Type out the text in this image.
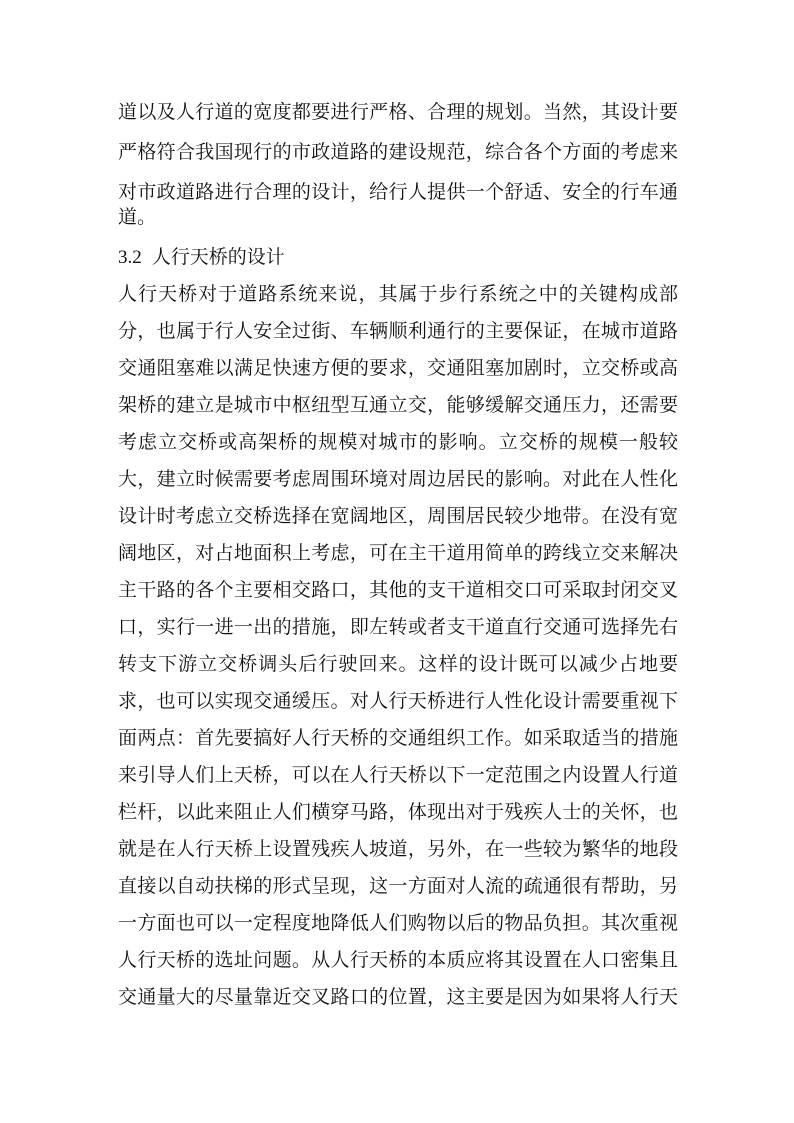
道以及人行道的宽度都要进行严格、合理的规划。当然，其设计要
严格符合我国现行的市政道路的建设规范，综合各个方面的考虑来
对市政道路进行合理的设计，给行人提供一个舒适、安全的行车通
道。
3.2 人行天桥的设计
人行天桥对于道路系统来说，其属于步行系统之中的关键构成部
分，也属于行人安全过街、车辆顺利通行的主要保证，在城市道路
交通阻塞难以满足快速方便的要求，交通阻塞加剧时，立交桥或高
架桥的建立是城市中枢纽型互通立交，能够缓解交通压力，还需要
考虑立交桥或高架桥的规模对城市的影响。立交桥的规模一般较
大，建立时候需要考虑周围环境对周边居民的影响。对此在人性化
设计时考虑立交桥选择在宽阔地区，周围居民较少地带。在没有宽
阔地区，对占地面积上考虑，可在主干道用简单的跨线立交来解决
主干路的各个主要相交路口，其他的支干道相交口可采取封闭交叉
口，实行一进一出的措施，即左转或者支干道直行交通可选择先右
转支下游立交桥调头后行驶回来。这样的设计既可以减少占地要
求，也可以实现交通缓压。对人行天桥进行人性化设计需要重视下
面两点：首先要搞好人行天桥的交通组织工作。如采取适当的措施
来引导人们上天桥，可以在人行天桥以下一定范围之内设置人行道
栏杆，以此来阻止人们横穿马路，体现出对于残疾人士的关怀，也
就是在人行天桥上设置残疾人坡道，另外，在一些较为繁华的地段
直接以自动扶梯的形式呈现，这一方面对人流的疏通很有帮助，另
一方面也可以一定程度地降低人们购物以后的物品负担。其次重视
人行天桥的选址问题。从人行天桥的本质应将其设置在人口密集且
交通量大的尽量靠近交叉路口的位置，这主要是因为如果将人行天
